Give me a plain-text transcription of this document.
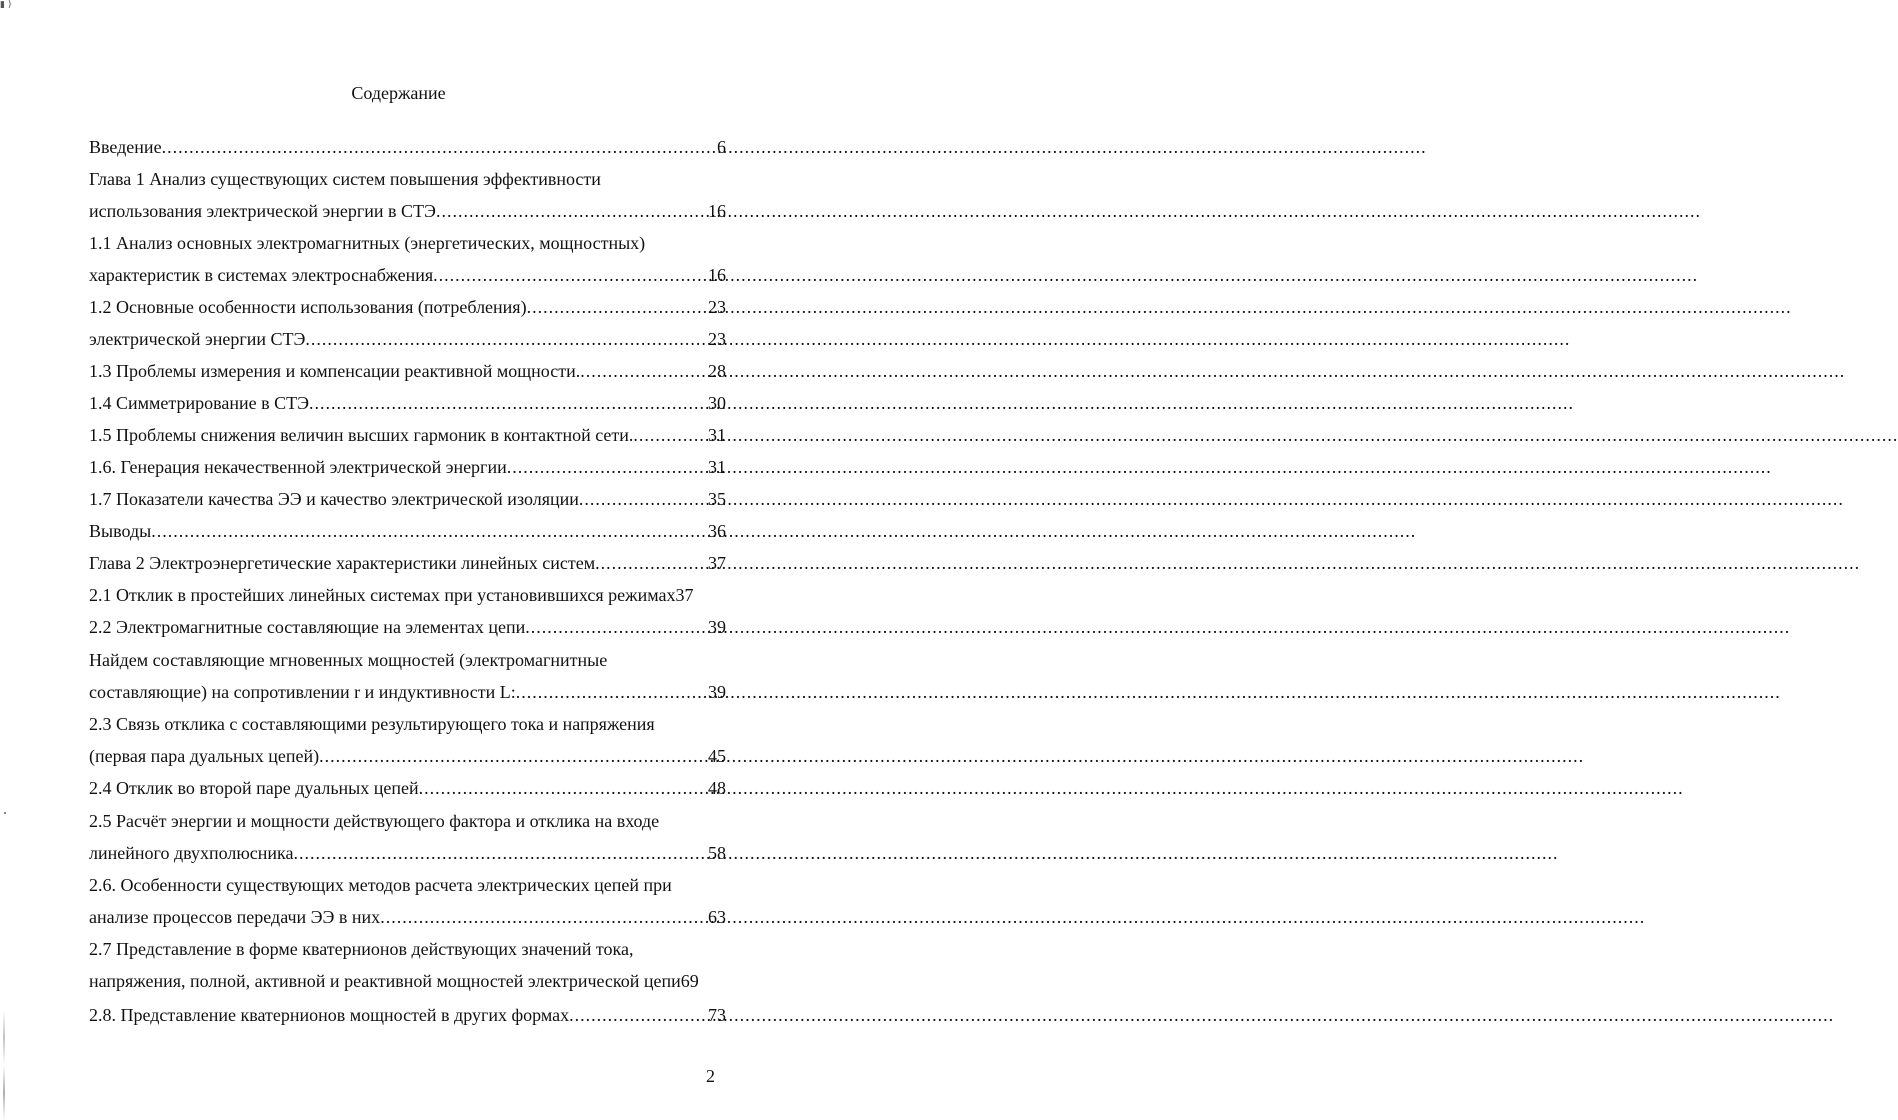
▮ )
Содержание
Введение .....	6
Глава 1 Анализ существующих систем повышения эффективности
использования электрической энергии в СТЭ .....	16
1.1 Анализ основных электромагнитных (энергетических, мощностных)
характеристик в системах электроснабжения .....	16
1.2 Основные особенности использования (потребления) .....	23
электрической энергии СТЭ .....	23
1.3 Проблемы измерения и компенсации реактивной мощности. .....	28
1.4 Симметрирование в СТЭ .....	30
1.5 Проблемы снижения величин высших гармоник в контактной сети. .....	31
1.6. Генерация некачественной электрической энергии .....	31
1.7 Показатели качества ЭЭ и качество электрической изоляции .....	35
Выводы .....	36
Глава 2 Электроэнергетические характеристики линейных систем .....	37
2.1 Отклик в простейших линейных системах при установившихся режимах37
2.2 Электромагнитные составляющие на элементах цепи .....	39
Найдем составляющие мгновенных мощностей (электромагнитные
составляющие) на сопротивлении r и индуктивности L: .....	39
2.3 Связь отклика с составляющими результирующего тока и напряжения
(первая пара дуальных цепей) .....	45
2.4 Отклик во второй паре дуальных цепей .....	48
2.5 Расчёт энергии и мощности действующего фактора и отклика на входе
линейного двухполюсника .....	58
2.6. Особенности существующих методов расчета электрических цепей при
анализе процессов передачи ЭЭ в них .....	63
2.7 Представление в форме кватернионов действующих значений тока,
напряжения, полной, активной и реактивной мощностей электрической цепи69
2.8. Представление кватернионов мощностей в других формах .....	73
2
